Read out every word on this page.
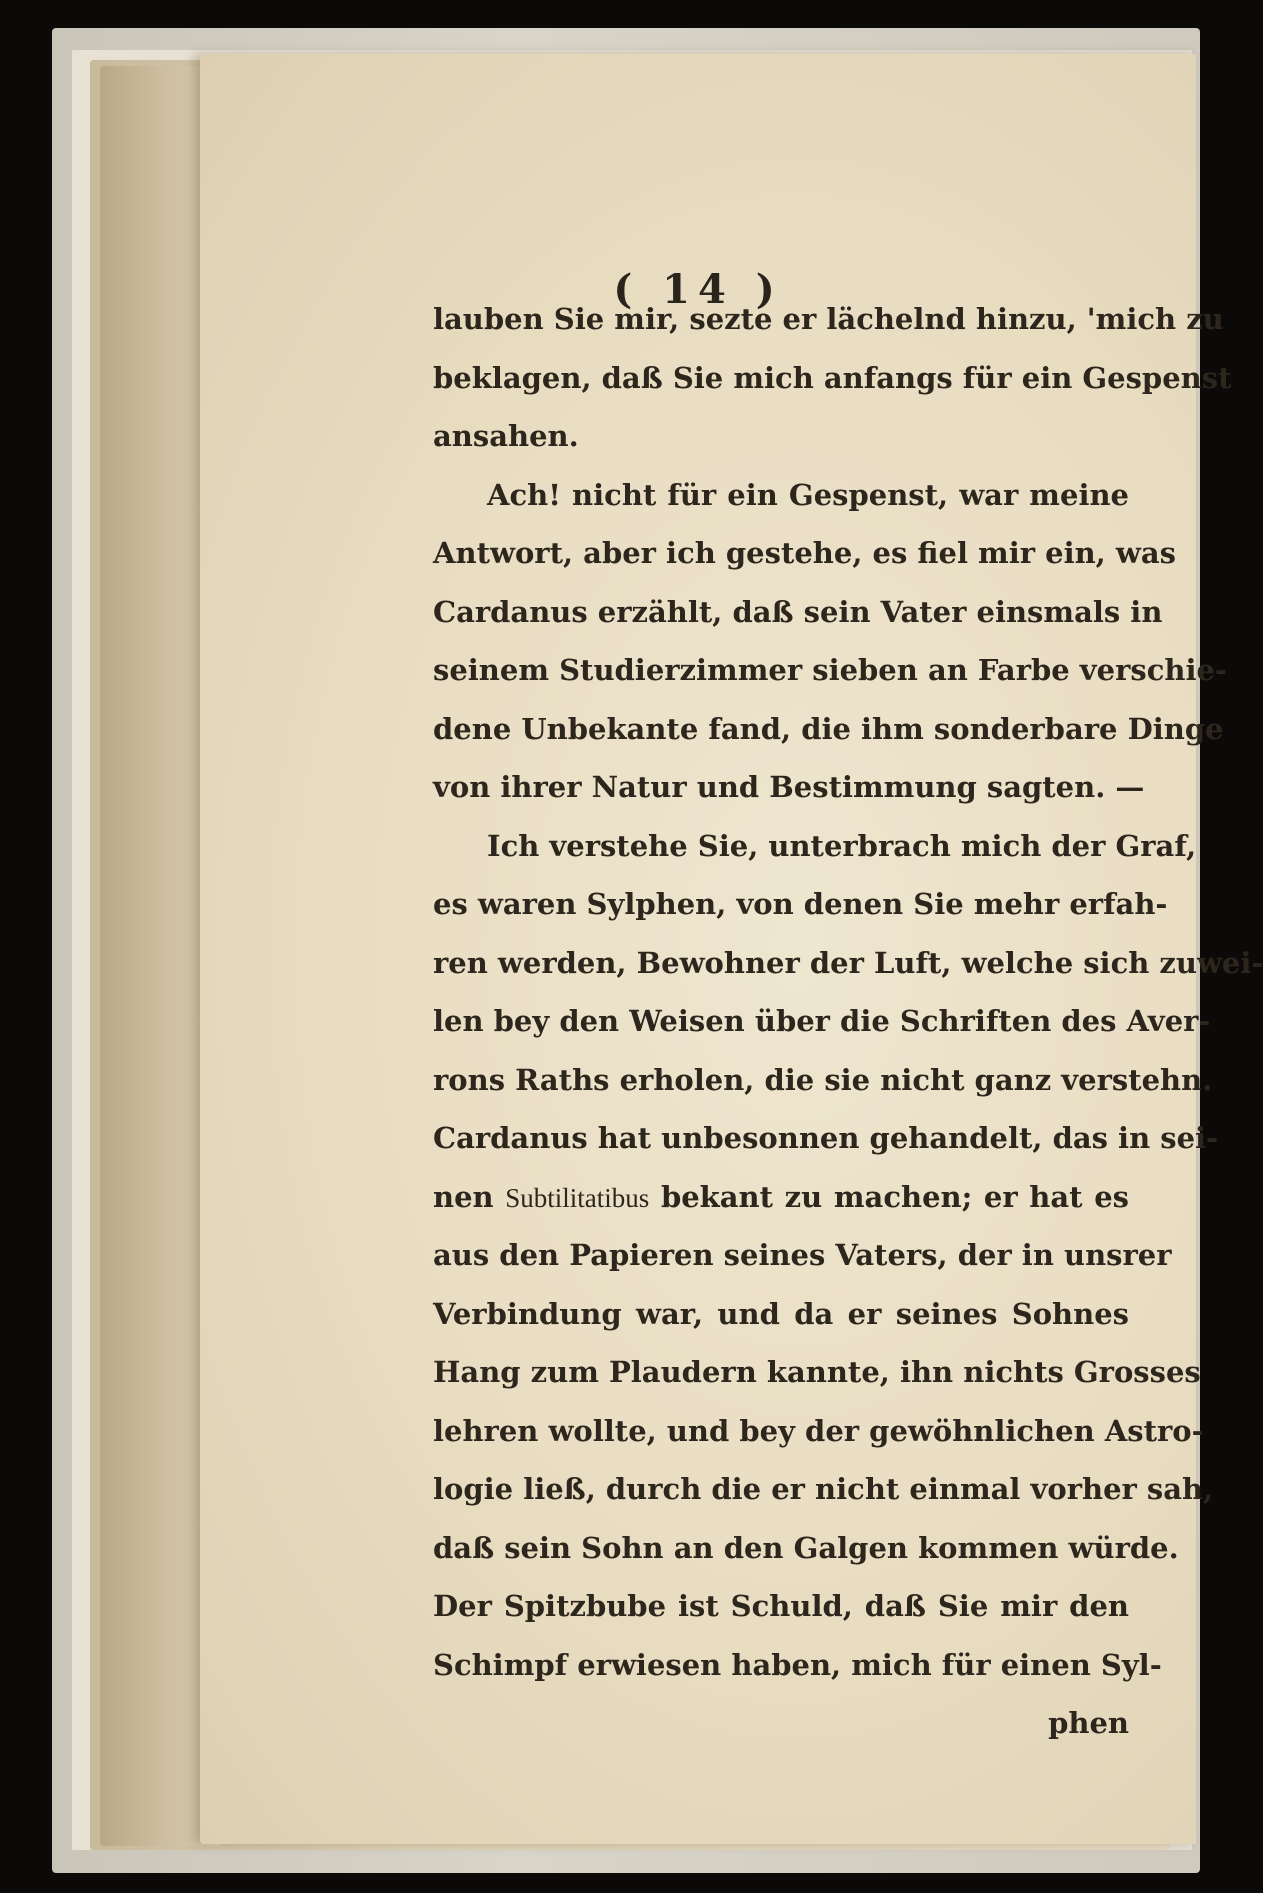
( 14 )
lauben Sie mir, sezte er lächelnd hinzu, 'mich zu
beklagen, daß Sie mich anfangs für ein Gespenst
ansahen.
Ach! nicht für ein Gespenst, war meine
Antwort, aber ich gestehe, es fiel mir ein, was
Cardanus erzählt, daß sein Vater einsmals in
seinem Studierzimmer sieben an Farbe verschie-
dene Unbekante fand, die ihm sonderbare Dinge
von ihrer Natur und Bestimmung sagten. —
Ich verstehe Sie, unterbrach mich der Graf,
es waren Sylphen, von denen Sie mehr erfah-
ren werden, Bewohner der Luft, welche sich zuwei-
len bey den Weisen über die Schriften des Aver-
rons Raths erholen, die sie nicht ganz verstehn.
Cardanus hat unbesonnen gehandelt, das in sei-
nen Subtilitatibus bekant zu machen; er hat es
aus den Papieren seines Vaters, der in unsrer
Verbindung war, und da er seines Sohnes
Hang zum Plaudern kannte, ihn nichts Grosses
lehren wollte, und bey der gewöhnlichen Astro-
logie ließ, durch die er nicht einmal vorher sah,
daß sein Sohn an den Galgen kommen würde.
Der Spitzbube ist Schuld, daß Sie mir den
Schimpf erwiesen haben, mich für einen Syl-
phen
